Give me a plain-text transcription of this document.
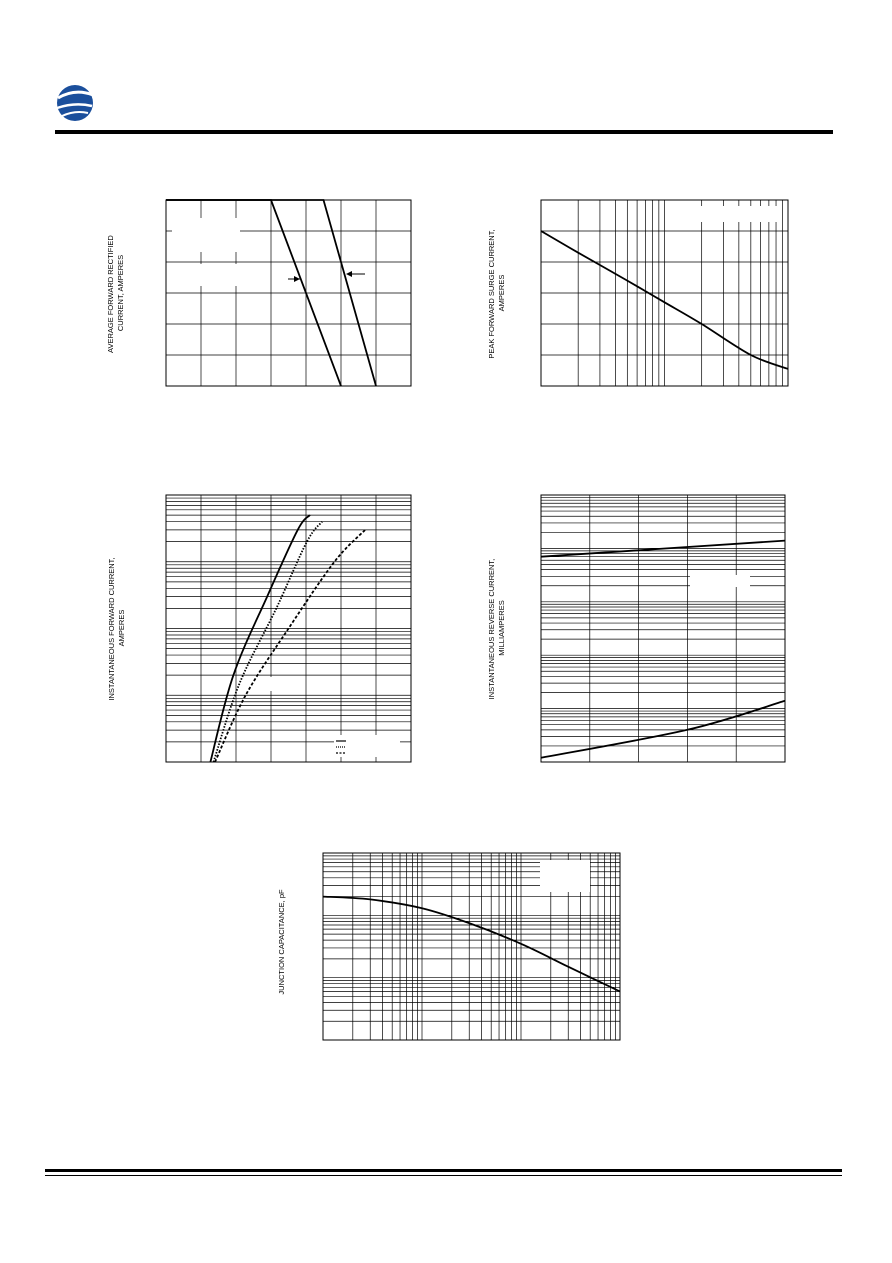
AVERAGE FORWARD RECTIFIED CURRENT, AMPERES	PEAK FORWARD SURGE CURRENT, AMPERES
INSTANTANEOUS FORWARD CURRENT, AMPERES	INSTANTANEOUS REVERSE CURRENT, MILLIAMPERES
JUNCTION CAPACITANCE, pF
